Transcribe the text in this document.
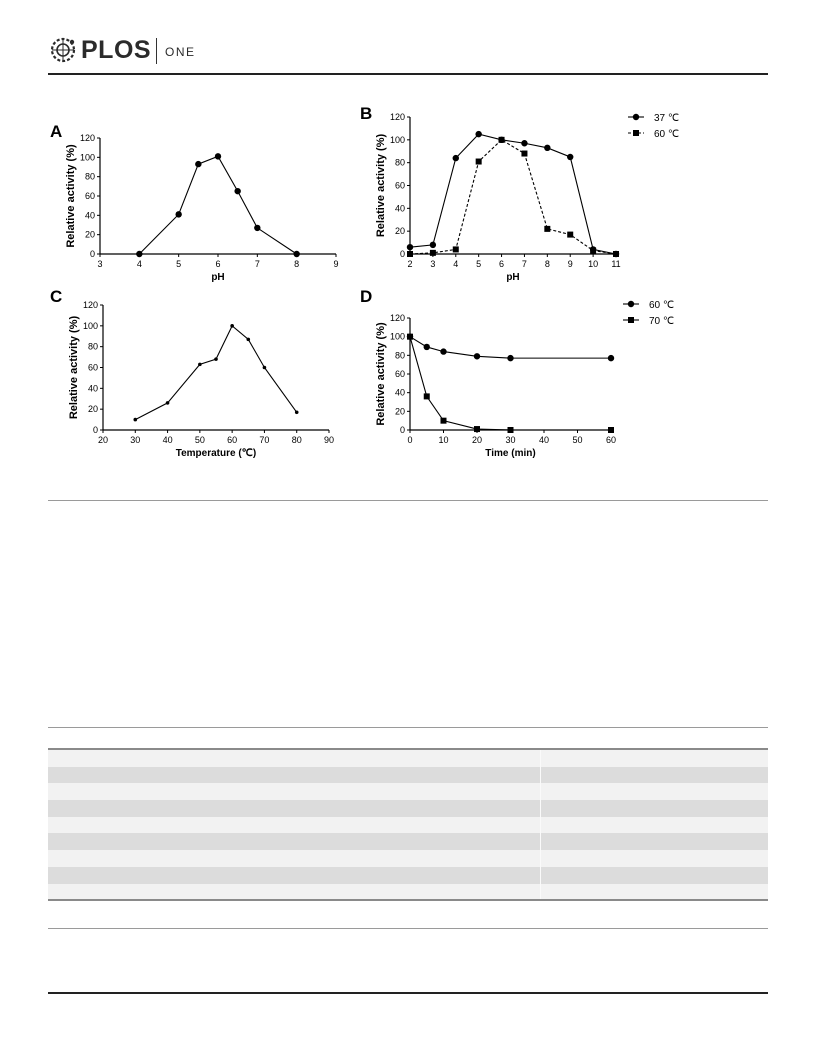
PLOS ONE
A
0
20
40
60
80
100
120
3	4	5	6	7	8	9
pH
Relative activity (%)
B
0
20
40
60
80
100
120
2 3 4 5 6 7 8 9 10 11
pH
Relative activity (%)
37 ℃
60 ℃
C
0
20
40
60
80
100
120
20 30 40 50 60 70 80 90
Temperature (℃)
Relative activity (%)
D
0
20
40
60
80
100
120
0	10	20	30	40	50	60
Time (min)
Relative activity (%)
60 ℃
70 ℃
